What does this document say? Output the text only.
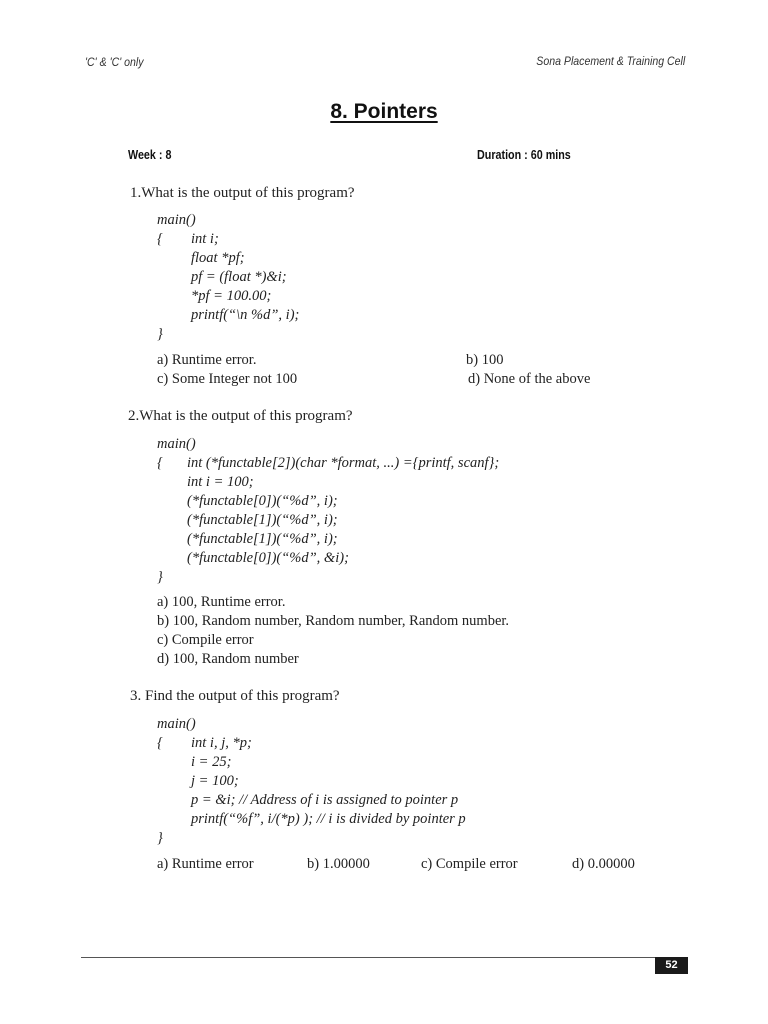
'C' & 'C' only	Sona Placement & Training Cell
8. Pointers
Week : 8	Duration : 60 mins
1.What is the output of this program?
main()
{ int i;
float *pf;
pf = (float *)&i;
*pf = 100.00;
printf(“\n %d”, i);
}
a) Runtime error.	b) 100
c) Some Integer not 100	d) None of the above
2.What is the output of this program?
main()
{ int (*functable[2])(char *format, ...) ={printf, scanf};
int i = 100;
(*functable[0])(“%d”, i);
(*functable[1])(“%d”, i);
(*functable[1])(“%d”, i);
(*functable[0])(“%d”, &i);
}
a) 100, Runtime error.
b) 100, Random number, Random number, Random number.
c) Compile error
d) 100, Random number
3. Find the output of this program?
main()
{ int i, j, *p;
i = 25;
j = 100;
p = &i; // Address of i is assigned to pointer p
printf(“%f”, i/(*p) ); // i is divided by pointer p
}
a) Runtime error	b) 1.00000	c) Compile error	d) 0.00000
52
